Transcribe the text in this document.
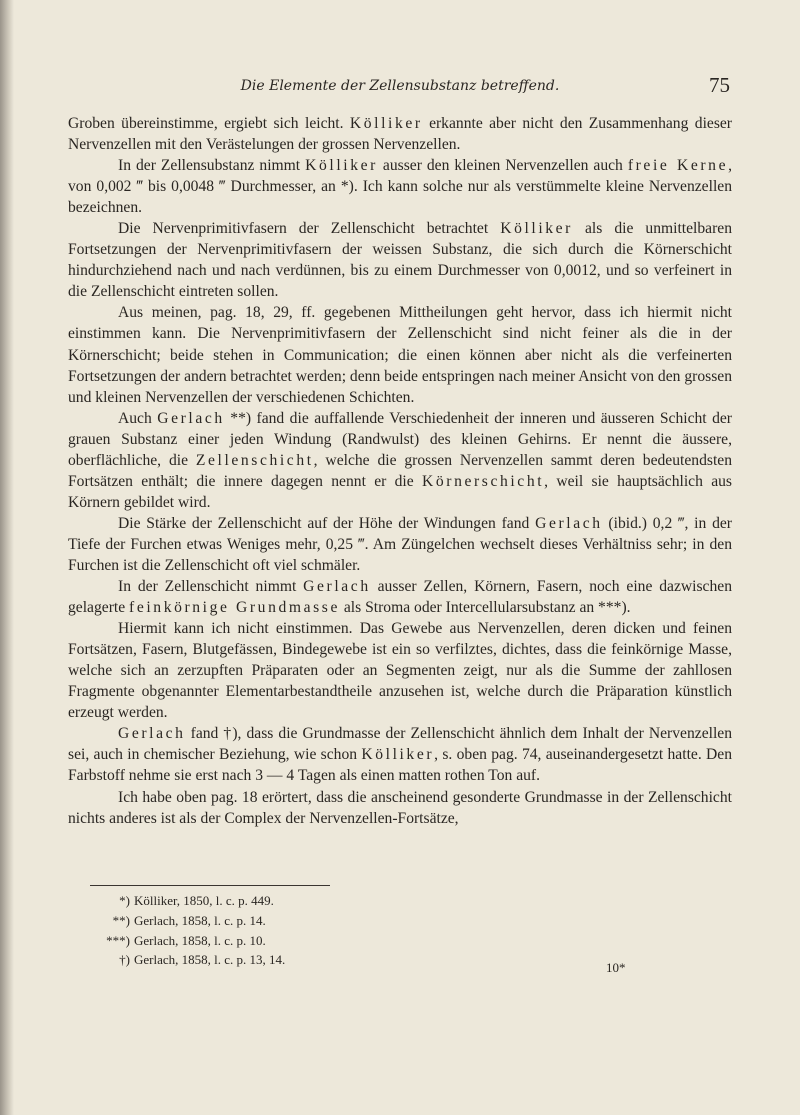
Die Elemente der Zellensubstanz betreffend.	75

Groben übereinstimme, ergiebt sich leicht. Kölliker erkannte aber nicht den Zusammenhang dieser Nervenzellen mit den Verästelungen der grossen Nervenzellen.

In der Zellensubstanz nimmt Kölliker ausser den kleinen Nervenzellen auch freie Kerne, von 0,002 ‴ bis 0,0048 ‴ Durchmesser, an *). Ich kann solche nur als verstümmelte kleine Nervenzellen bezeichnen.

Die Nervenprimitivfasern der Zellenschicht betrachtet Kölliker als die unmittelbaren Fortsetzungen der Nervenprimitivfasern der weissen Substanz, die sich durch die Körnerschicht hindurchziehend nach und nach verdünnen, bis zu einem Durchmesser von 0,0012, und so verfeinert in die Zellenschicht eintreten sollen.

Aus meinen, pag. 18, 29, ff. gegebenen Mittheilungen geht hervor, dass ich hiermit nicht einstimmen kann. Die Nervenprimitivfasern der Zellenschicht sind nicht feiner als die in der Körnerschicht; beide stehen in Communication; die einen können aber nicht als die verfeinerten Fortsetzungen der andern betrachtet werden; denn beide entspringen nach meiner Ansicht von den grossen und kleinen Nervenzellen der verschiedenen Schichten.

Auch Gerlach **) fand die auffallende Verschiedenheit der inneren und äusseren Schicht der grauen Substanz einer jeden Windung (Randwulst) des kleinen Gehirns. Er nennt die äussere, oberflächliche, die Zellenschicht, welche die grossen Nervenzellen sammt deren bedeutendsten Fortsätzen enthält; die innere dagegen nennt er die Körnerschicht, weil sie hauptsächlich aus Körnern gebildet wird.

Die Stärke der Zellenschicht auf der Höhe der Windungen fand Gerlach (ibid.) 0,2 ‴, in der Tiefe der Furchen etwas Weniges mehr, 0,25 ‴. Am Züngelchen wechselt dieses Verhältniss sehr; in den Furchen ist die Zellenschicht oft viel schmäler.

In der Zellenschicht nimmt Gerlach ausser Zellen, Körnern, Fasern, noch eine dazwischen gelagerte feinkörnige Grundmasse als Stroma oder Intercellularsubstanz an ***).

Hiermit kann ich nicht einstimmen. Das Gewebe aus Nervenzellen, deren dicken und feinen Fortsätzen, Fasern, Blutgefässen, Bindegewebe ist ein so verfilztes, dichtes, dass die feinkörnige Masse, welche sich an zerzupften Präparaten oder an Segmenten zeigt, nur als die Summe der zahllosen Fragmente obgenannter Elementarbestandtheile anzusehen ist, welche durch die Präparation künstlich erzeugt werden.

Gerlach fand †), dass die Grundmasse der Zellenschicht ähnlich dem Inhalt der Nervenzellen sei, auch in chemischer Beziehung, wie schon Kölliker, s. oben pag. 74, auseinandergesetzt hatte. Den Farbstoff nehme sie erst nach 3 — 4 Tagen als einen matten rothen Ton auf.

Ich habe oben pag. 18 erörtert, dass die anscheinend gesonderte Grundmasse in der Zellenschicht nichts anderes ist als der Complex der Nervenzellen-Fortsätze,

*) Kölliker, 1850, l. c. p. 449.
**) Gerlach, 1858, l. c. p. 14.
***) Gerlach, 1858, l. c. p. 10.
†) Gerlach, 1858, l. c. p. 13, 14.
10*
